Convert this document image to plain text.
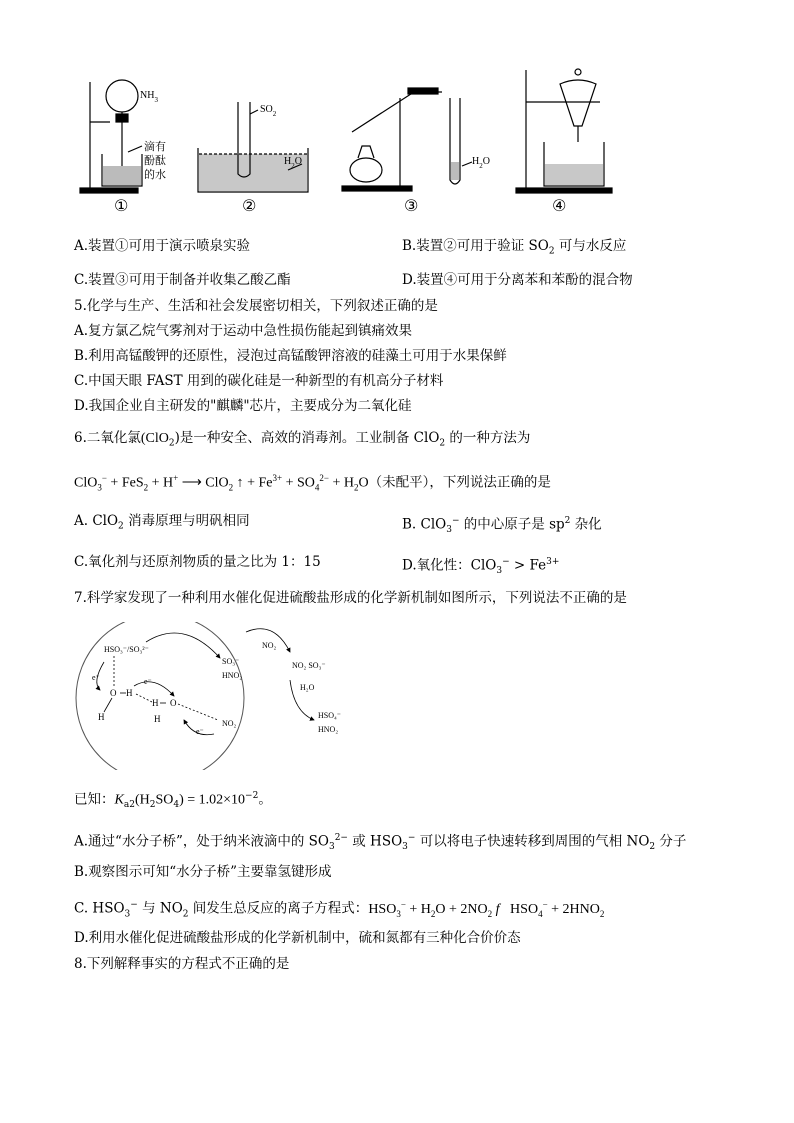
$NH_3$
滴有
酚酞
的水
$SO_2$
$H_2O$	$H_2O$
①	②	③	④
A.装置①可用于演示喷泉实验	B.装置②可用于验证 $SO_2$ 可与水反应
C.装置③可用于制备并收集乙酸乙酯	D.装置④可用于分离苯和苯酚的混合物
5.化学与生产、生活和社会发展密切相关，下列叙述正确的是
A.复方氯乙烷气雾剂对于运动中急性损伤能起到镇痛效果
B.利用高锰酸钾的还原性，浸泡过高锰酸钾溶液的硅藻土可用于水果保鲜
C.中国天眼 FAST 用到的碳化硅是一种新型的有机高分子材料
D.我国企业自主研发的"麒麟"芯片，主要成分为二氧化硅
6.二氧化氯(ClO$_2$)是一种安全、高效的消毒剂。工业制备 ClO$_2$ 的一种方法为
ClO$_3$− + FeS$_2$ + H+ ⟶ ClO$_2$ ↑ + $Fe^{3+} + SO_4^{2-} + H_2O$（未配平），下列说法正确的是
A. ClO$_2$ 消毒原理与明矾相同	B. ClO$_3$− 的中心原子是 $sp^2$ 杂化
C.氧化剂与还原剂物质的量之比为 1：15	D.氧化性：$ClO_3^- > Fe^{3+}$
7.科学家发现了一种利用水催化促进硫酸盐形成的化学新机制如图所示，下列说法不正确的是
HSO₃⁻/SO₃²⁻
SO₃⁻
HNO₂
NO₂
NO₂ SO₃⁻
H₂O
HSO₄⁻
HNO₂
NO₂
e⁻	e⁻
e⁻
O H
H
H O
H
已知：$K_{a2}(H_2SO_4) = 1.02\times 10^{-2}$。
A.通过“水分子桥”，处于纳米液滴中的 $SO_3^{2-}$ 或 $HSO_3^-$ 可以将电子快速转移到周围的气相 $NO_2$ 分子
B.观察图示可知“水分子桥”主要靠氢键形成
C. $HSO_3^-$ 与 $NO_2$ 间发生总反应的离子方程式：$HSO_3^- + H_2O + 2NO_2$ f   $HSO_4^- + 2HNO_2$
D.利用水催化促进硫酸盐形成的化学新机制中，硫和氮都有三种化合价价态
8.下列解释事实的方程式不正确的是
